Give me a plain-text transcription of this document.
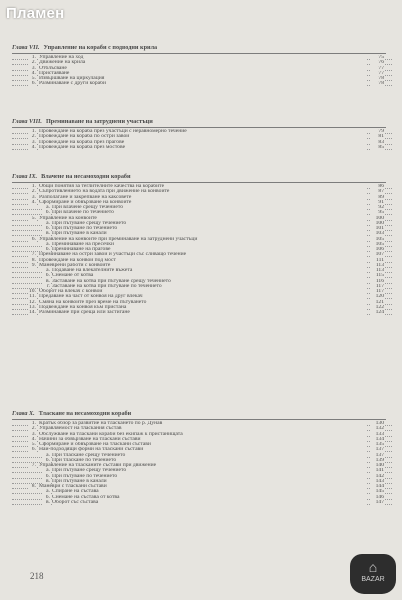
Пламен
Глава VII. Управление на кораби с подводни крила
1. Управление на ход	75
2. Движение на крила	76
3. Отблъсване	77
4. Пристаяване	77
5. Извършване на циркулация	78
6. Разминаване с други кораби	78
Глава VIII. Преминаване на затруднени участъци
1. Провеждане на кораба през участъци с неравномерно течение	79
2. Провеждане на кораба по остри завои	81
3. Провеждане на кораба през прагове	83
4. Провеждане на кораба през мостове	85
Глава IX. Влачене на несамоходни кораби
1. Общи понятия за теглителните качества на корабите	86
2. Съпротивлението на водата при движение на конвоите	87
3. Разполагане и закрепване на каксовете	89
4. Сформиране и обвързване на конвоите	91
а. При влачене срещу течението	92
б. При влачене по течението	95
5. Управление на конвоите	100
а. При пътуване срещу течението	100
б. При пътуване по течението	101
в. При пътуване в канали	103
6. Управление на конвоите при преминаване на затруднени участъци	105
а. Преминаване на пресечки	105
б. Преминаване на прагове	106
7. Преминаване на остри завои и участъци със сливащо течение	107
8. Провеждане на конвой под мост	111
9. Маневрени работи с конвоите	113
а. Подаване на влекателните въжета	113
б. Снемане от котва	115
в. Заставане на котва при пътуване срещу течението	116
г. Заставане на котва при пътуване по течението	117
10. Оборот на влекач с конвой	117
11. Предаване на част от конвоя на друг влекач	120
12. Смяна на конвоите през време на пътуването	121
13. Подвеждане на конвоя към пристана	122
14. Разминаване при среща или застигане	124
Глава X. Тласкане на несамоходни кораби
1. Кратък обзор за развитие на тласкането по р. Дунав	130
2. Управляемост на тласкания състав	132
3. Обслужване на тласкани кораби без екипаж к пристанищата	133
4. Начини за обвързване на тласкани състави	134
5. Сформиране и обвързване на тласкани състави	135
6. Най-подходящи форми на тласкани състави	137
а. При тласкане срещу течението	137
б. При тласкане по течението	139
7. Управление на тласканите състави при движение	140
а. При пътуване срещу течението	141
б. При пътуване по течението	142
в. При пътуване в канали	143
8. Маневри с тласкани състави	144
а. Спиране на състава	145
б. Снемане на състава от котва	146
в. Оборот със състава	147
218
⌂
BAZAR
